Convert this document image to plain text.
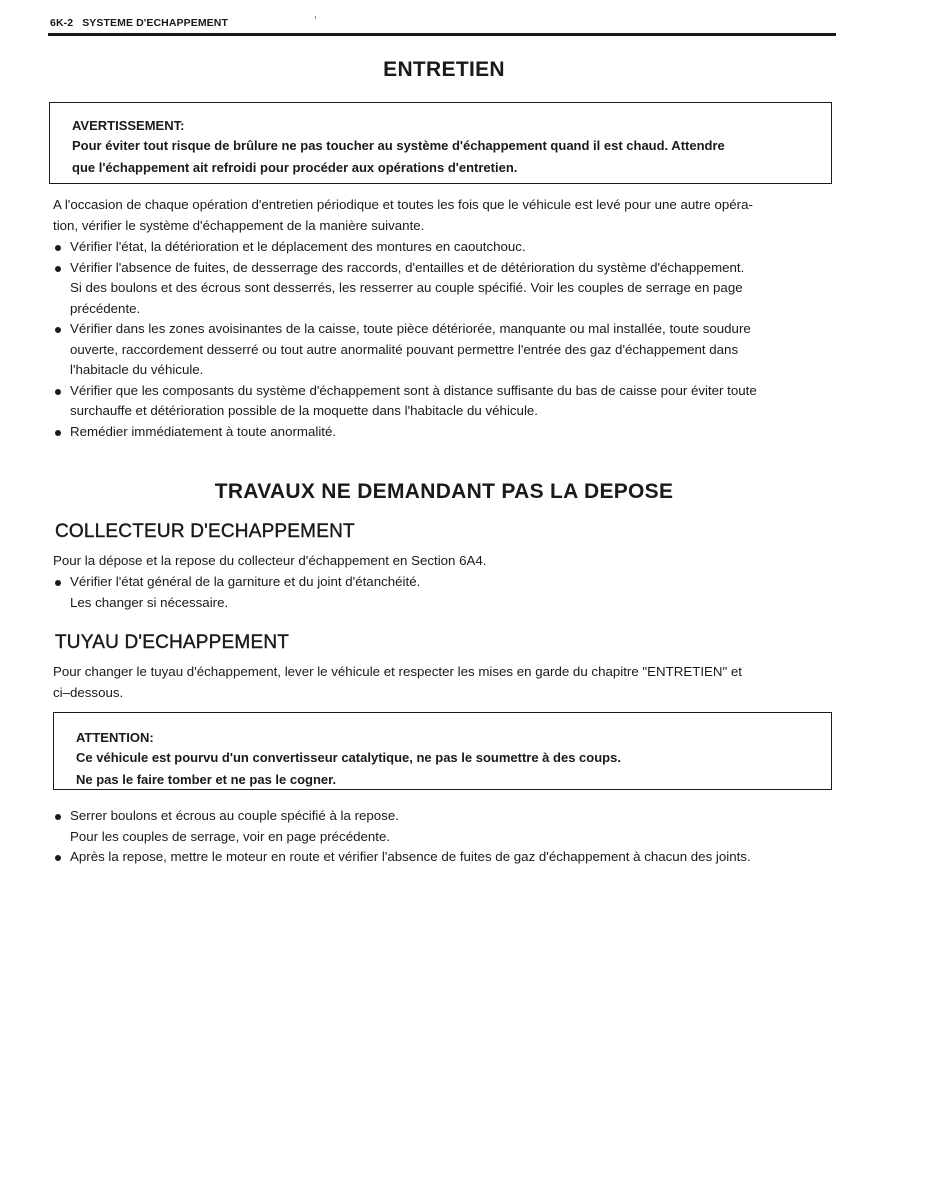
6K-2 SYSTEME D'ECHAPPEMENT
ENTRETIEN
AVERTISSEMENT:
Pour éviter tout risque de brûlure ne pas toucher au système d'échappement quand il est chaud. Attendre
que l'échappement ait refroidi pour procéder aux opérations d'entretien.
A l'occasion de chaque opération d'entretien périodique et toutes les fois que le véhicule est levé pour une autre opéra-
tion, vérifier le système d'échappement de la manière suivante.
Vérifier l'état, la détérioration et le déplacement des montures en caoutchouc.
Vérifier l'absence de fuites, de desserrage des raccords, d'entailles et de détérioration du système d'échappement.
Si des boulons et des écrous sont desserrés, les resserrer au couple spécifié. Voir les couples de serrage en page
précédente.
Vérifier dans les zones avoisinantes de la caisse, toute pièce détériorée, manquante ou mal installée, toute soudure
ouverte, raccordement desserré ou tout autre anormalité pouvant permettre l'entrée des gaz d'échappement dans
l'habitacle du véhicule.
Vérifier que les composants du système d'échappement sont à distance suffisante du bas de caisse pour éviter toute
surchauffe et détérioration possible de la moquette dans l'habitacle du véhicule.
Remédier immédiatement à toute anormalité.
TRAVAUX NE DEMANDANT PAS LA DEPOSE
COLLECTEUR D'ECHAPPEMENT
Pour la dépose et la repose du collecteur d'échappement en Section 6A4.
Vérifier l'état général de la garniture et du joint d'étanchéité.
Les changer si nécessaire.
TUYAU D'ECHAPPEMENT
Pour changer le tuyau d'échappement, lever le véhicule et respecter les mises en garde du chapitre "ENTRETIEN" et
ci–dessous.
ATTENTION:
Ce véhicule est pourvu d'un convertisseur catalytique, ne pas le soumettre à des coups.
Ne pas le faire tomber et ne pas le cogner.
Serrer boulons et écrous au couple spécifié à la repose.
Pour les couples de serrage, voir en page précédente.
Après la repose, mettre le moteur en route et vérifier l'absence de fuites de gaz d'échappement à chacun des joints.
